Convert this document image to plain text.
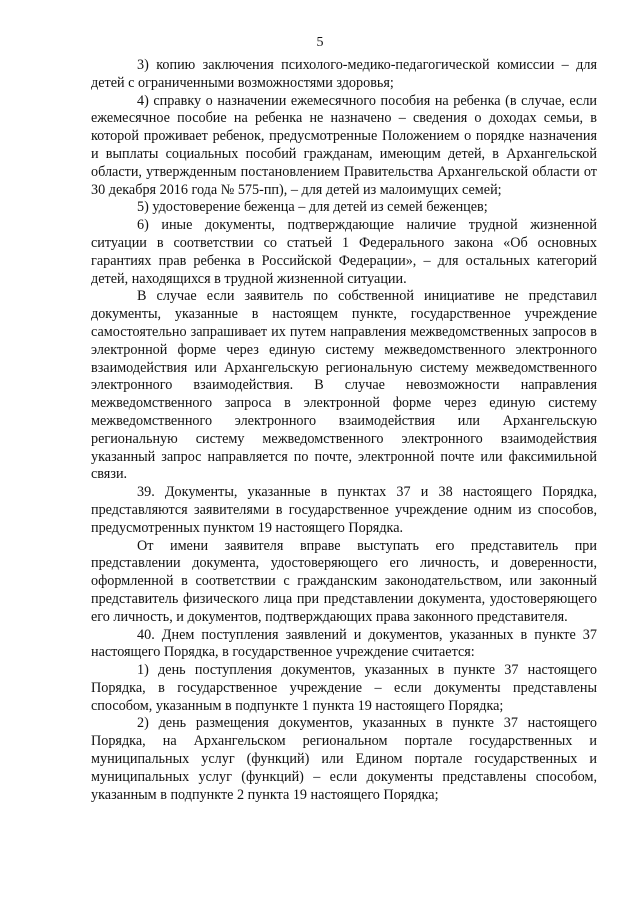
5

3) копию заключения психолого-медико-педагогической комиссии – для детей с ограниченными возможностями здоровья;

4) справку о назначении ежемесячного пособия на ребенка (в случае, если ежемесячное пособие на ребенка не назначено – сведения о доходах семьи, в которой проживает ребенок, предусмотренные Положением о порядке назначения и выплаты социальных пособий гражданам, имеющим детей, в Архангельской области, утвержденным постановлением Правительства Архангельской области от 30 декабря 2016 года № 575-пп), – для детей из малоимущих семей;

5) удостоверение беженца – для детей из семей беженцев;

6) иные документы, подтверждающие наличие трудной жизненной ситуации в соответствии со статьей 1 Федерального закона «Об основных гарантиях прав ребенка в Российской Федерации», – для остальных категорий детей, находящихся в трудной жизненной ситуации.

В случае если заявитель по собственной инициативе не представил документы, указанные в настоящем пункте, государственное учреждение самостоятельно запрашивает их путем направления межведомственных запросов в электронной форме через единую систему межведомственного электронного взаимодействия или Архангельскую региональную систему межведомственного электронного взаимодействия. В случае невозможности направления межведомственного запроса в электронной форме через единую систему межведомственного электронного взаимодействия или Архангельскую региональную систему межведомственного электронного взаимодействия указанный запрос направляется по почте, электронной почте или факсимильной связи.

39. Документы, указанные в пунктах 37 и 38 настоящего Порядка, представляются заявителями в государственное учреждение одним из способов, предусмотренных пунктом 19 настоящего Порядка.

От имени заявителя вправе выступать его представитель при представлении документа, удостоверяющего его личность, и доверенности, оформленной в соответствии с гражданским законодательством, или законный представитель физического лица при представлении документа, удостоверяющего его личность, и документов, подтверждающих права законного представителя.

40. Днем поступления заявлений и документов, указанных в пункте 37 настоящего Порядка, в государственное учреждение считается:

1) день поступления документов, указанных в пункте 37 настоящего Порядка, в государственное учреждение – если документы представлены способом, указанным в подпункте 1 пункта 19 настоящего Порядка;

2) день размещения документов, указанных в пункте 37 настоящего Порядка, на Архангельском региональном портале государственных и муниципальных услуг (функций) или Едином портале государственных и муниципальных услуг (функций) – если документы представлены способом, указанным в подпункте 2 пункта 19 настоящего Порядка;
